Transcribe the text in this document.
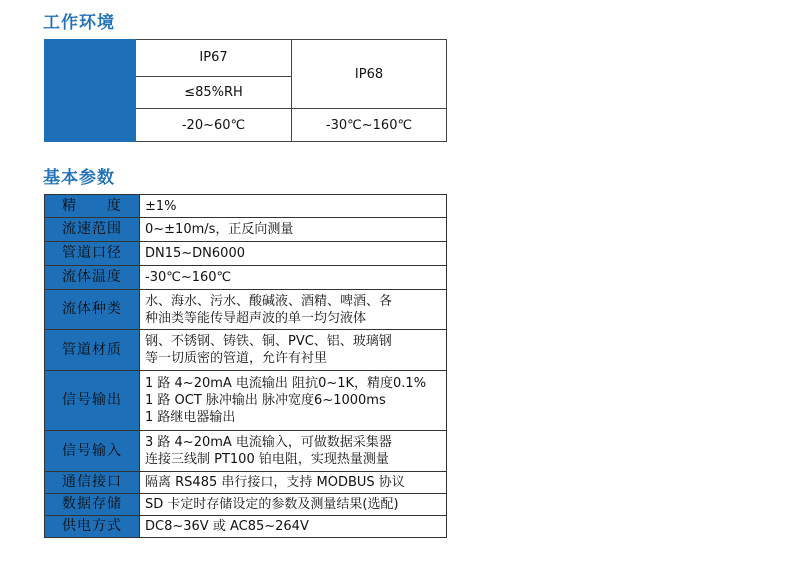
工作环境
	IP67	IP68
	≤85%RH	
	-20~60℃	-30℃~160℃
基本参数
精　　度	±1%

流速范围	0~±10m/s，正反向测量

管道口径	DN15~DN6000

流体温度	-30℃~160℃

流体种类	水、海水、污水、酸碱液、酒精、啤酒、各
种油类等能传导超声波的单一均匀液体

管道材质	钢、不锈钢、铸铁、铜、PVC、铝、玻璃钢
等一切质密的管道，允许有衬里

信号输出	1 路 4~20mA 电流输出 阻抗0~1K，精度0.1%
1 路 OCT 脉冲输出 脉冲宽度6~1000ms
1 路继电器输出

信号输入	3 路 4~20mA 电流输入，可做数据采集器
连接三线制 PT100 铂电阻，实现热量测量

通信接口	隔离 RS485 串行接口，支持 MODBUS 协议

数据存储	SD 卡定时存储设定的参数及测量结果(选配)

供电方式	DC8~36V 或 AC85~264V
